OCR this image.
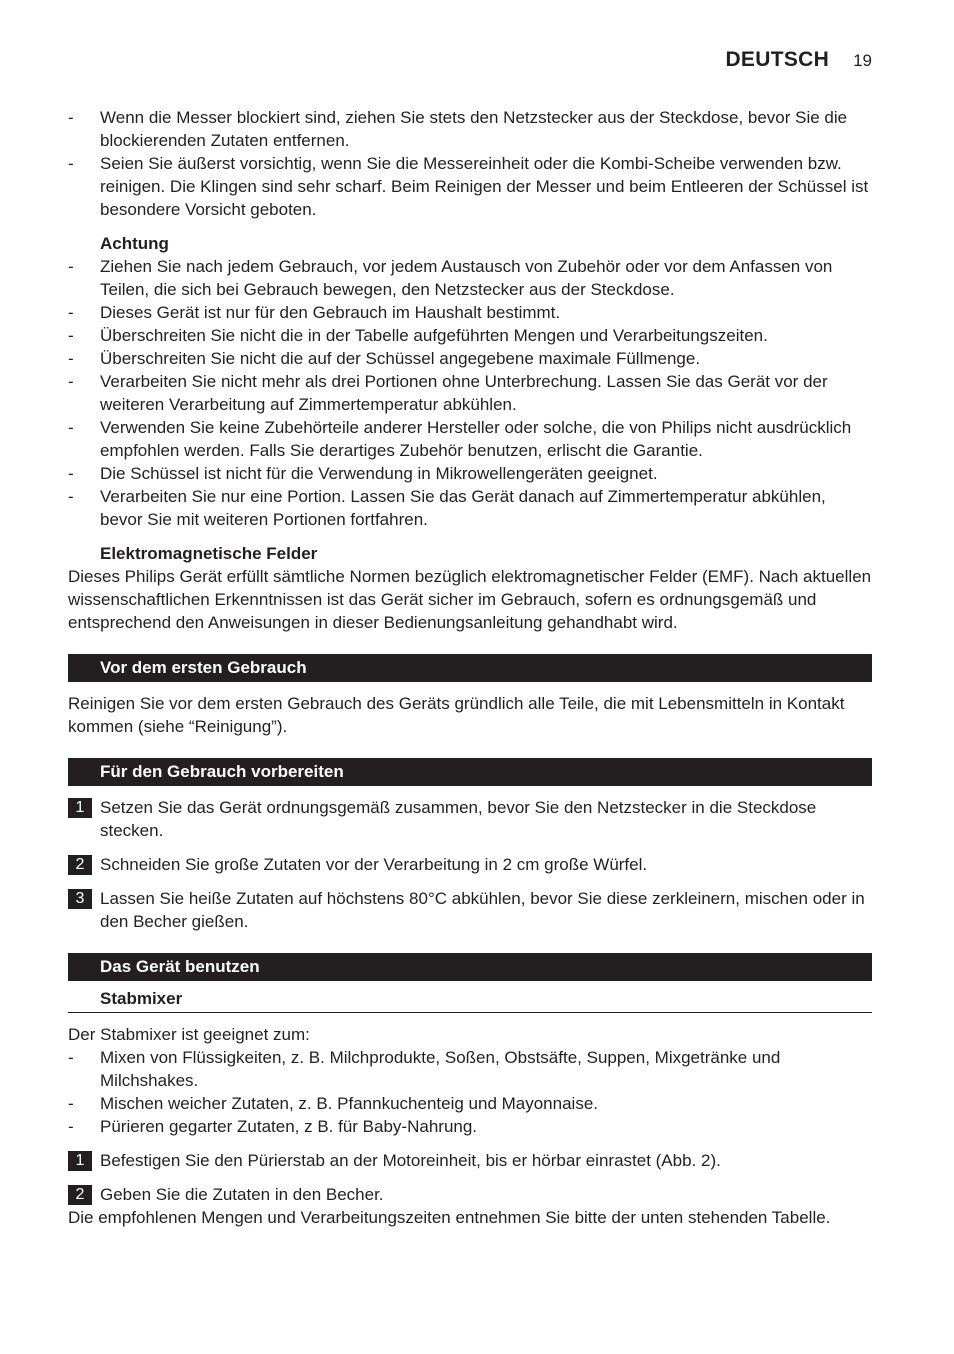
DEUTSCH 19
-	Wenn die Messer blockiert sind, ziehen Sie stets den Netzstecker aus der Steckdose, bevor Sie die blockierenden Zutaten entfernen.
-	Seien Sie äußerst vorsichtig, wenn Sie die Messereinheit oder die Kombi-Scheibe verwenden bzw. reinigen. Die Klingen sind sehr scharf. Beim Reinigen der Messer und beim Entleeren der Schüssel ist besondere Vorsicht geboten.
Achtung
-	Ziehen Sie nach jedem Gebrauch, vor jedem Austausch von Zubehör oder vor dem Anfassen von Teilen, die sich bei Gebrauch bewegen, den Netzstecker aus der Steckdose.
-	Dieses Gerät ist nur für den Gebrauch im Haushalt bestimmt.
-	Überschreiten Sie nicht die in der Tabelle aufgeführten Mengen und Verarbeitungszeiten.
-	Überschreiten Sie nicht die auf der Schüssel angegebene maximale Füllmenge.
-	Verarbeiten Sie nicht mehr als drei Portionen ohne Unterbrechung. Lassen Sie das Gerät vor der weiteren Verarbeitung auf Zimmertemperatur abkühlen.
-	Verwenden Sie keine Zubehörteile anderer Hersteller oder solche, die von Philips nicht ausdrücklich empfohlen werden. Falls Sie derartiges Zubehör benutzen, erlischt die Garantie.
-	Die Schüssel ist nicht für die Verwendung in Mikrowellengeräten geeignet.
-	Verarbeiten Sie nur eine Portion. Lassen Sie das Gerät danach auf Zimmertemperatur abkühlen, bevor Sie mit weiteren Portionen fortfahren.
Elektromagnetische Felder

Dieses Philips Gerät erfüllt sämtliche Normen bezüglich elektromagnetischer Felder (EMF). Nach aktuellen wissenschaftlichen Erkenntnissen ist das Gerät sicher im Gebrauch, sofern es ordnungsgemäß und entsprechend den Anweisungen in dieser Bedienungsanleitung gehandhabt wird.

Vor dem ersten Gebrauch

Reinigen Sie vor dem ersten Gebrauch des Geräts gründlich alle Teile, die mit Lebensmitteln in Kontakt kommen (siehe “Reinigung”).

Für den Gebrauch vorbereiten
1 Setzen Sie das Gerät ordnungsgemäß zusammen, bevor Sie den Netzstecker in die Steckdose stecken.
2 Schneiden Sie große Zutaten vor der Verarbeitung in 2 cm große Würfel.
3 Lassen Sie heiße Zutaten auf höchstens 80°C abkühlen, bevor Sie diese zerkleinern, mischen oder in den Becher gießen.
Das Gerät benutzen
Stabmixer

Der Stabmixer ist geeignet zum:

-	Mixen von Flüssigkeiten, z. B. Milchprodukte, Soßen, Obstsäfte, Suppen, Mixgetränke und Milchshakes.
-	Mischen weicher Zutaten, z. B. Pfannkuchenteig und Mayonnaise.
-	Pürieren gegarter Zutaten, z B. für Baby-Nahrung.
1 Befestigen Sie den Pürierstab an der Motoreinheit, bis er hörbar einrastet (Abb. 2).
2 Geben Sie die Zutaten in den Becher.

Die empfohlenen Mengen und Verarbeitungszeiten entnehmen Sie bitte der unten stehenden Tabelle.
